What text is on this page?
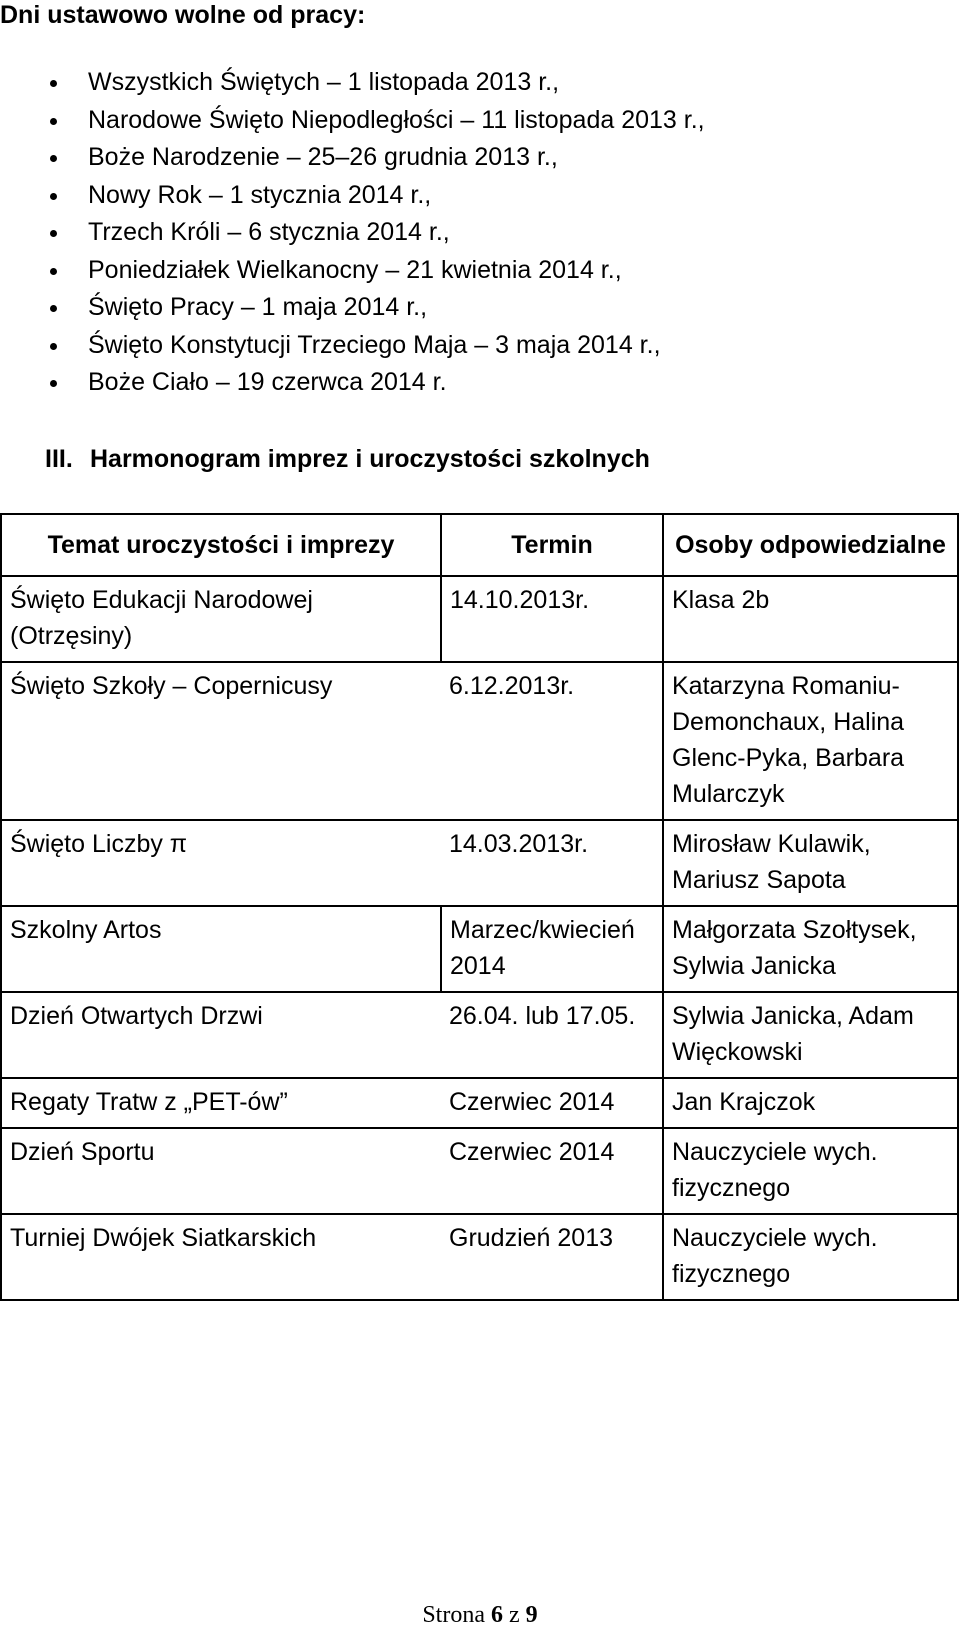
Dni ustawowo wolne od pracy:
Wszystkich Świętych – 1 listopada 2013 r.,
Narodowe Święto Niepodległości – 11 listopada 2013 r.,
Boże Narodzenie – 25–26 grudnia 2013 r.,
Nowy Rok – 1 stycznia 2014 r.,
Trzech Króli – 6 stycznia 2014 r.,
Poniedziałek Wielkanocny – 21 kwietnia 2014 r.,
Święto Pracy – 1 maja 2014 r.,
Święto Konstytucji Trzeciego Maja – 3 maja 2014 r.,
Boże Ciało – 19 czerwca 2014 r.
III. Harmonogram imprez i uroczystości szkolnych
Temat uroczystości i imprezy	Termin	Osoby odpowiedzialne
Święto Edukacji Narodowej (Otrzęsiny)	14.10.2013r.	Klasa 2b
Święto Szkoły – Copernicusy	6.12.2013r.	Katarzyna Romaniu-Demonchaux, Halina Glenc-Pyka, Barbara Mularczyk
Święto Liczby π	14.03.2013r.	Mirosław Kulawik, Mariusz Sapota
Szkolny Artos	Marzec/kwiecień 2014	Małgorzata Szołtysek, Sylwia Janicka
Dzień Otwartych Drzwi	26.04. lub 17.05.	Sylwia Janicka, Adam Więckowski
Regaty Tratw z „PET-ów”	Czerwiec 2014	Jan Krajczok
Dzień Sportu	Czerwiec 2014	Nauczyciele wych. fizycznego
Turniej Dwójek Siatkarskich	Grudzień 2013	Nauczyciele wych. fizycznego
Strona 6 z 9
